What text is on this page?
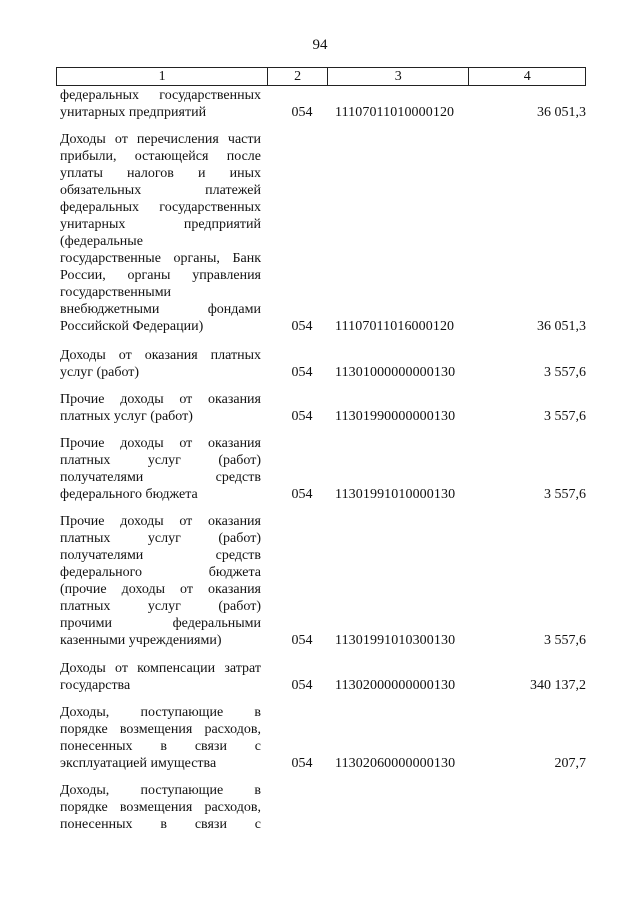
94
1	2	3	4
федеральных государственных
унитарных предприятий	054	11107011010000120	36 051,3
Доходы от перечисления части
прибыли, остающейся после
уплаты налогов и иных
обязательных платежей
федеральных государственных
унитарных предприятий
(федеральные
государственные органы, Банк
России, органы управления
государственными
внебюджетными фондами
Российской Федерации)	054	11107011016000120	36 051,3
Доходы от оказания платных
услуг (работ)	054	11301000000000130	3 557,6
Прочие доходы от оказания
платных услуг (работ)	054	11301990000000130	3 557,6
Прочие доходы от оказания
платных услуг (работ)
получателями средств
федерального бюджета	054	11301991010000130	3 557,6
Прочие доходы от оказания
платных услуг (работ)
получателями средств
федерального бюджета
(прочие доходы от оказания
платных услуг (работ)
прочими федеральными
казенными учреждениями)	054	11301991010300130	3 557,6
Доходы от компенсации затрат
государства	054	11302000000000130	340 137,2
Доходы, поступающие в
порядке возмещения расходов,
понесенных в связи с
эксплуатацией имущества	054	11302060000000130	207,7
Доходы, поступающие в
порядке возмещения расходов,
понесенных в связи с
